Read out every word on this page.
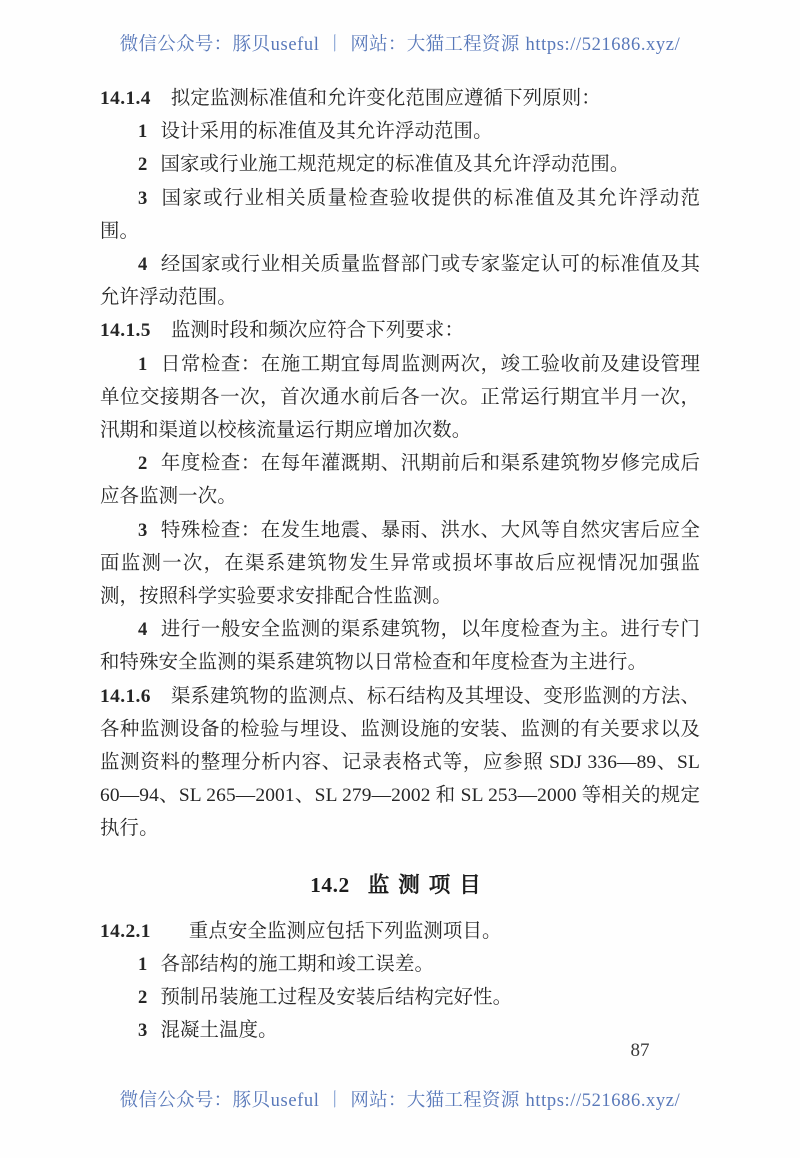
微信公众号：豚贝useful 丨 网站：大猫工程资源 https://521686.xyz/

14.1.4 拟定监测标准值和允许变化范围应遵循下列原则：

1 设计采用的标准值及其允许浮动范围。

2 国家或行业施工规范规定的标准值及其允许浮动范围。

3 国家或行业相关质量检查验收提供的标准值及其允许浮动范围。

4 经国家或行业相关质量监督部门或专家鉴定认可的标准值及其允许浮动范围。

14.1.5 监测时段和频次应符合下列要求：

1 日常检查：在施工期宜每周监测两次，竣工验收前及建设管理单位交接期各一次，首次通水前后各一次。正常运行期宜半月一次，汛期和渠道以校核流量运行期应增加次数。

2 年度检查：在每年灌溉期、汛期前后和渠系建筑物岁修完成后应各监测一次。

3 特殊检查：在发生地震、暴雨、洪水、大风等自然灾害后应全面监测一次，在渠系建筑物发生异常或损坏事故后应视情况加强监测，按照科学实验要求安排配合性监测。

4 进行一般安全监测的渠系建筑物，以年度检查为主。进行专门和特殊安全监测的渠系建筑物以日常检查和年度检查为主进行。

14.1.6 渠系建筑物的监测点、标石结构及其埋设、变形监测的方法、各种监测设备的检验与埋设、监测设施的安装、监测的有关要求以及监测资料的整理分析内容、记录表格式等，应参照 SDJ 336—89、SL 60—94、SL 265—2001、SL 279—2002 和 SL 253—2000 等相关的规定执行。

14.2 监测项目

14.2.1 重点安全监测应包括下列监测项目。

1 各部结构的施工期和竣工误差。

2 预制吊装施工过程及安装后结构完好性。

3 混凝土温度。

87
微信公众号：豚贝useful 丨 网站：大猫工程资源 https://521686.xyz/
